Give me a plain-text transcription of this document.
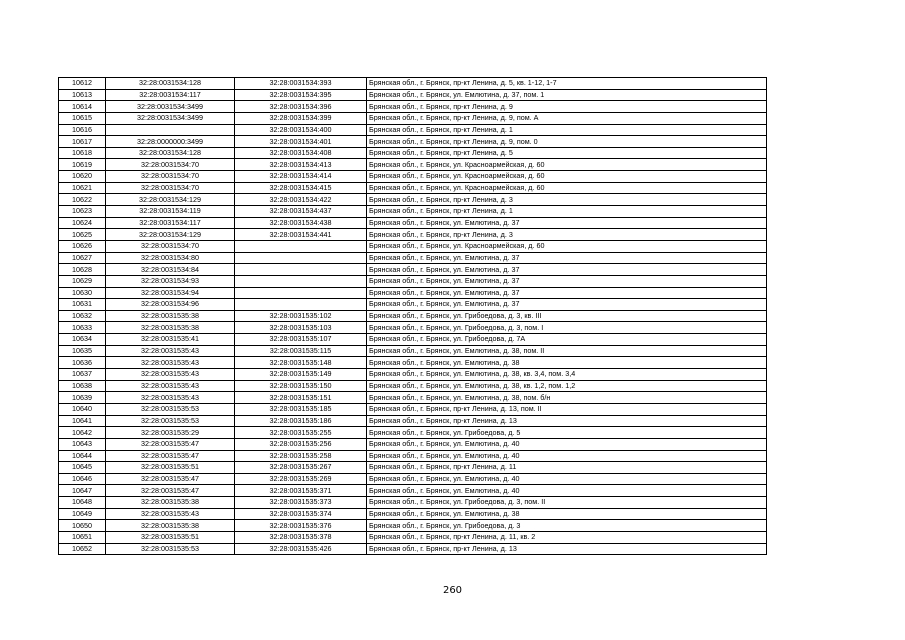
10612	32:28:0031534:128	32:28:0031534:393	Брянская обл., г. Брянск, пр-кт Ленина, д. 5, кв. 1-12, 1-7
10613	32:28:0031534:117	32:28:0031534:395	Брянская обл., г. Брянск, ул. Емлютина, д. 37, пом. 1
10614	32:28:0031534:3499	32:28:0031534:396	Брянская обл., г. Брянск, пр-кт Ленина, д. 9
10615	32:28:0031534:3499	32:28:0031534:399	Брянская обл., г. Брянск, пр-кт Ленина, д. 9, пом. А
10616		32:28:0031534:400	Брянская обл., г. Брянск, пр-кт Ленина, д. 1
10617	32:28:0000000:3499	32:28:0031534:401	Брянская обл., г. Брянск, пр-кт Ленина, д. 9, пом. 0
10618	32:28:0031534:128	32:28:0031534:408	Брянская обл., г. Брянск, пр-кт Ленина, д. 5
10619	32:28:0031534:70	32:28:0031534:413	Брянская обл., г. Брянск, ул. Красноармейская, д. 60
10620	32:28:0031534:70	32:28:0031534:414	Брянская обл., г. Брянск, ул. Красноармейская, д. 60
10621	32:28:0031534:70	32:28:0031534:415	Брянская обл., г. Брянск, ул. Красноармейская, д. 60
10622	32:28:0031534:129	32:28:0031534:422	Брянская обл., г. Брянск, пр-кт Ленина, д. 3
10623	32:28:0031534:119	32:28:0031534:437	Брянская обл., г. Брянск, пр-кт Ленина, д. 1
10624	32:28:0031534:117	32:28:0031534:438	Брянская обл., г. Брянск, ул. Емлютина, д. 37
10625	32:28:0031534:129	32:28:0031534:441	Брянская обл., г. Брянск, пр-кт Ленина, д. 3
10626	32:28:0031534:70		Брянская обл., г. Брянск, ул. Красноармейская, д. 60
10627	32:28:0031534:80		Брянская обл., г. Брянск, ул. Емлютина, д. 37
10628	32:28:0031534:84		Брянская обл., г. Брянск, ул. Емлютина, д. 37
10629	32:28:0031534:93		Брянская обл., г. Брянск, ул. Емлютина, д. 37
10630	32:28:0031534:94		Брянская обл., г. Брянск, ул. Емлютина, д. 37
10631	32:28:0031534:96		Брянская обл., г. Брянск, ул. Емлютина, д. 37
10632	32:28:0031535:38	32:28:0031535:102	Брянская обл., г. Брянск, ул. Грибоедова, д. 3, кв. III
10633	32:28:0031535:38	32:28:0031535:103	Брянская обл., г. Брянск, ул. Грибоедова, д. 3, пом. I
10634	32:28:0031535:41	32:28:0031535:107	Брянская обл., г. Брянск, ул. Грибоедова, д. 7А
10635	32:28:0031535:43	32:28:0031535:115	Брянская обл., г. Брянск, ул. Емлютина, д. 38, пом. II
10636	32:28:0031535:43	32:28:0031535:148	Брянская обл., г. Брянск, ул. Емлютина, д. 38
10637	32:28:0031535:43	32:28:0031535:149	Брянская обл., г. Брянск, ул. Емлютина, д. 38, кв. 3,4, пом. 3,4
10638	32:28:0031535:43	32:28:0031535:150	Брянская обл., г. Брянск, ул. Емлютина, д. 38, кв. 1,2, пом. 1,2
10639	32:28:0031535:43	32:28:0031535:151	Брянская обл., г. Брянск, ул. Емлютина, д. 38, пом. б/н
10640	32:28:0031535:53	32:28:0031535:185	Брянская обл., г. Брянск, пр-кт Ленина, д. 13, пом. II
10641	32:28:0031535:53	32:28:0031535:186	Брянская обл., г. Брянск, пр-кт Ленина, д. 13
10642	32:28:0031535:29	32:28:0031535:255	Брянская обл., г. Брянск, ул. Грибоедова, д. 5
10643	32:28:0031535:47	32:28:0031535:256	Брянская обл., г. Брянск, ул. Емлютина, д. 40
10644	32:28:0031535:47	32:28:0031535:258	Брянская обл., г. Брянск, ул. Емлютина, д. 40
10645	32:28:0031535:51	32:28:0031535:267	Брянская обл., г. Брянск, пр-кт Ленина, д. 11
10646	32:28:0031535:47	32:28:0031535:269	Брянская обл., г. Брянск, ул. Емлютина, д. 40
10647	32:28:0031535:47	32:28:0031535:371	Брянская обл., г. Брянск, ул. Емлютина, д. 40
10648	32:28:0031535:38	32:28:0031535:373	Брянская обл., г. Брянск, ул. Грибоедова, д. 3, пом. II
10649	32:28:0031535:43	32:28:0031535:374	Брянская обл., г. Брянск, ул. Емлютина, д. 38
10650	32:28:0031535:38	32:28:0031535:376	Брянская обл., г. Брянск, ул. Грибоедова, д. 3
10651	32:28:0031535:51	32:28:0031535:378	Брянская обл., г. Брянск, пр-кт Ленина, д. 11, кв. 2
10652	32:28:0031535:53	32:28:0031535:426	Брянская обл., г. Брянск, пр-кт Ленина, д. 13
260
